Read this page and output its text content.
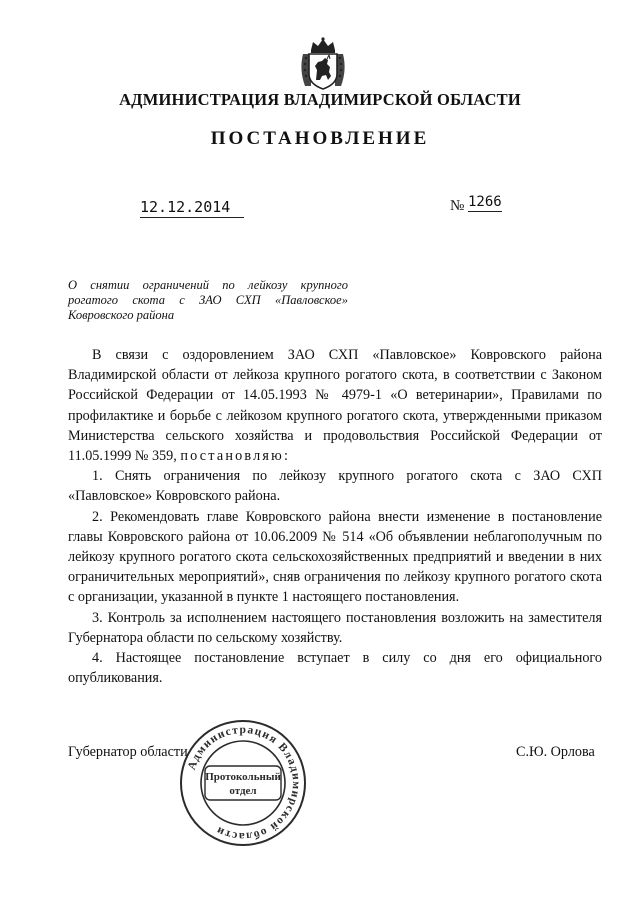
АДМИНИСТРАЦИЯ ВЛАДИМИРСКОЙ ОБЛАСТИ
ПОСТАНОВЛЕНИЕ
12.12.2014	№ 1266
О снятии ограничений по лейкозу крупного
рогатого скота с ЗАО СХП «Павловское»
Ковровского района

В связи с оздоровлением ЗАО СХП «Павловское» Ковровского района Владимирской области от лейкоза крупного рогатого скота, в соответствии с Законом Российской Федерации от 14.05.1993 № 4979-1 «О ветеринарии», Правилами по профилактике и борьбе с лейкозом крупного рогатого скота, утвержденными приказом Министерства сельского хозяйства и продовольствия Российской Федерации от 11.05.1999 № 359, постановляю:

1. Снять ограничения по лейкозу крупного рогатого скота с ЗАО СХП «Павловское» Ковровского района.

2. Рекомендовать главе Ковровского района внести изменение в постановление главы Ковровского района от 10.06.2009 № 514 «Об объявлении неблагополучным по лейкозу крупного рогатого скота сельскохозяйственных предприятий и введении в них ограничительных мероприятий», сняв ограничения по лейкозу крупного рогатого скота с организации, указанной в пункте 1 настоящего постановления.

3. Контроль за исполнением настоящего постановления возложить на заместителя Губернатора области по сельскому хозяйству.

4. Настоящее постановление вступает в силу со дня его официального опубликования.

Губернатор области	С.Ю. Орлова
Администрация Владимирской области
Протокольный
отдел
